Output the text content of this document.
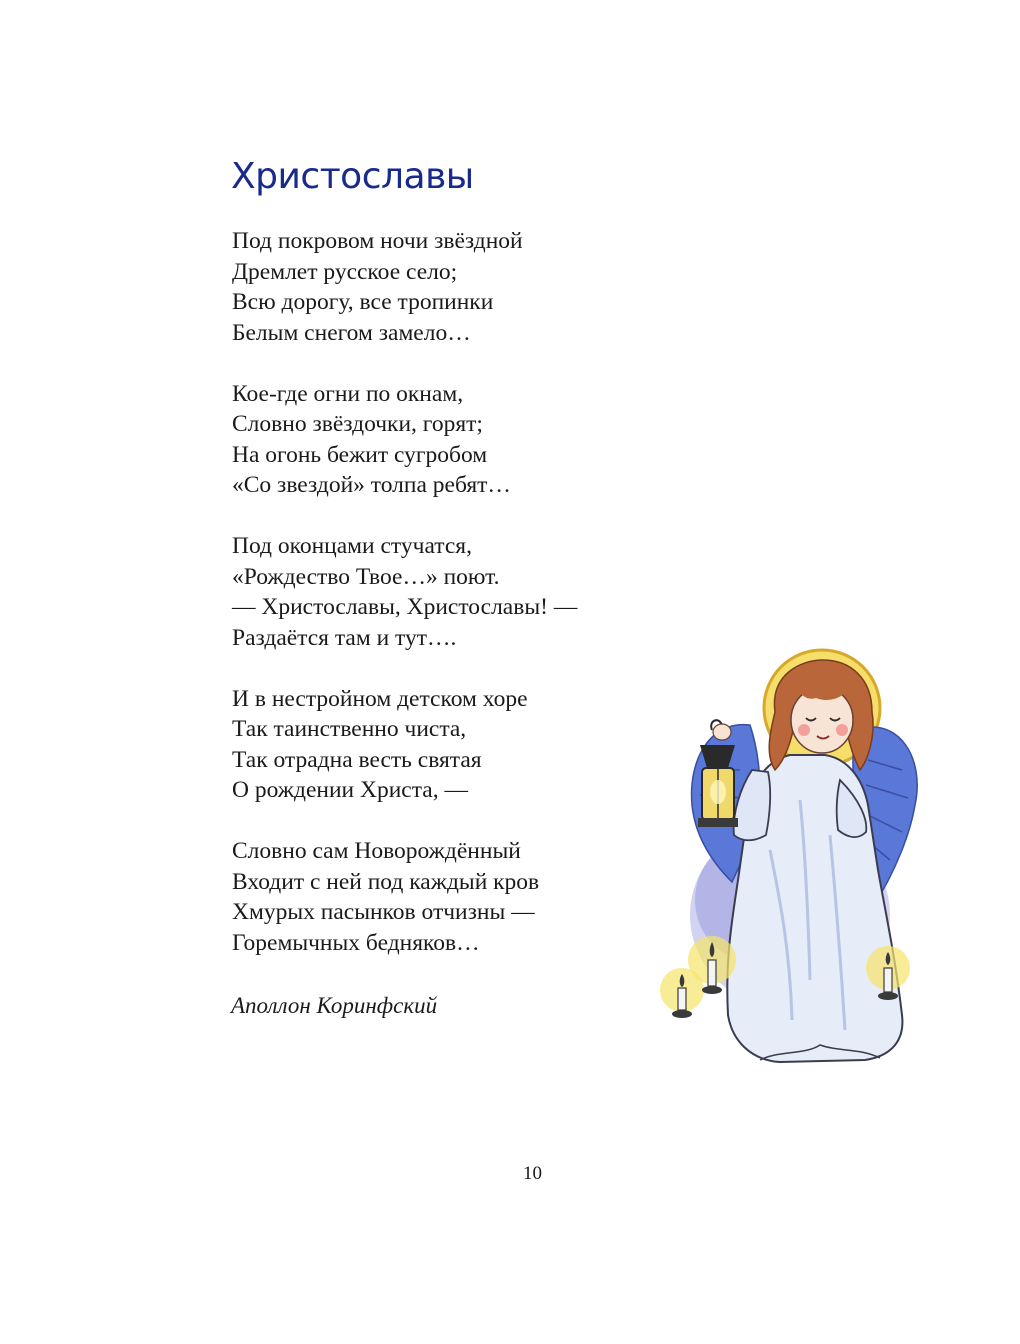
Христославы
Под покровом ночи звёздной
Дремлет русское село;
Всю дорогу, все тропинки
Белым снегом замело…
Кое-где огни по окнам,
Словно звёздочки, горят;
На огонь бежит сугробом
«Со звездой» толпа ребят…
Под оконцами стучатся,
«Рождество Твое…» поют.
— Христославы, Христославы! —
Раздаётся там и тут….
И в нестройном детском хоре
Так таинственно чиста,
Так отрадна весть святая
О рождении Христа, —
Словно сам Новорождённый
Входит с ней под каждый кров
Хмурых пасынков отчизны —
Горемычных бедняков…
Аполлон Коринфский
10
